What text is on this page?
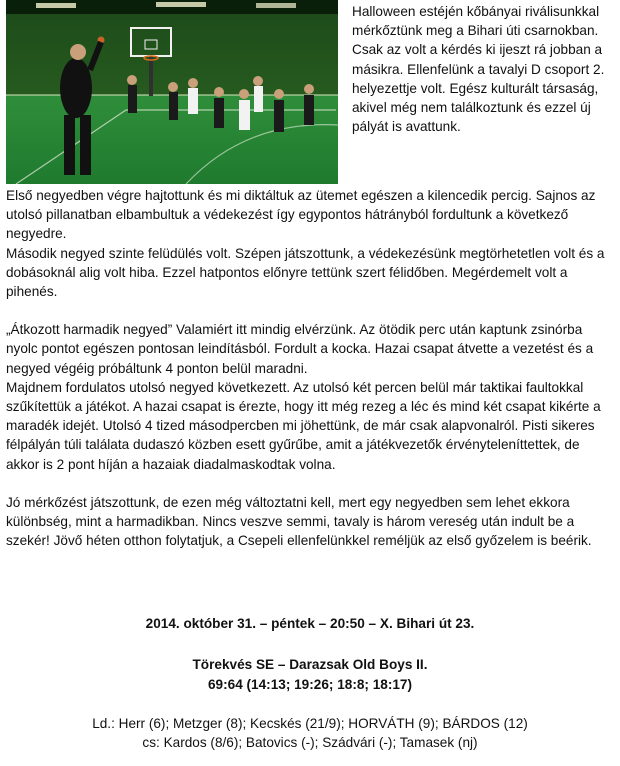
Halloween estéjén kőbányai riválisunkkal mérkőztünk meg a Bihari úti csarnokban. Csak az volt a kérdés ki ijeszt rá jobban a másikra. Ellenfelünk a tavalyi D csoport 2. helyezettje volt. Egész kulturált társaság, akivel még nem találkoztunk és ezzel új pályát is avattunk.

Első negyedben végre hajtottunk és mi diktáltuk az ütemet egészen a kilencedik percig. Sajnos az utolsó pillanatban elbambultuk a védekezést így egypontos hátrányból fordultunk a következő negyedre.

Második negyed szinte felüdülés volt. Szépen játszottunk, a védekezésünk megtörhetetlen volt és a dobásoknál alig volt hiba. Ezzel hatpontos előnyre tettünk szert félidőben. Megérdemelt volt a pihenés.

„Átkozott harmadik negyed” Valamiért itt mindig elvérzünk. Az ötödik perc után kaptunk zsinórba nyolc pontot egészen pontosan leindításból. Fordult a kocka. Hazai csapat átvette a vezetést és a negyed végéig próbáltunk 4 ponton belül maradni.

Majdnem fordulatos utolsó negyed következett. Az utolsó két percen belül már taktikai faultokkal szűkítettük a játékot. A hazai csapat is érezte, hogy itt még rezeg a léc és mind két csapat kikérte a maradék idejét. Utolsó 4 tized másodpercben mi jöhettünk, de már csak alapvonalról. Pisti sikeres félpályán túli találata dudaszó közben esett gyűrűbe, amit a játékvezetők érvényteleníttettek, de akkor is 2 pont híján a hazaiak diadalmaskodtak volna.

Jó mérkőzést játszottunk, de ezen még változtatni kell, mert egy negyedben sem lehet ekkora különbség, mint a harmadikban. Nincs veszve semmi, tavaly is három vereség után indult be a szekér! Jövő héten otthon folytatjuk, a Csepeli ellenfelünkkel reméljük az első győzelem is beérik.

2014. október 31. – péntek – 20:50 – X. Bihari út 23.
Törekvés SE – Darazsak Old Boys II.
69:64 (14:13; 19:26; 18:8; 18:17)
Ld.: Herr (6); Metzger (8); Kecskés (21/9); HORVÁTH (9); BÁRDOS (12)
cs: Kardos (8/6); Batovics (-); Szádvári (-); Tamasek (nj)
